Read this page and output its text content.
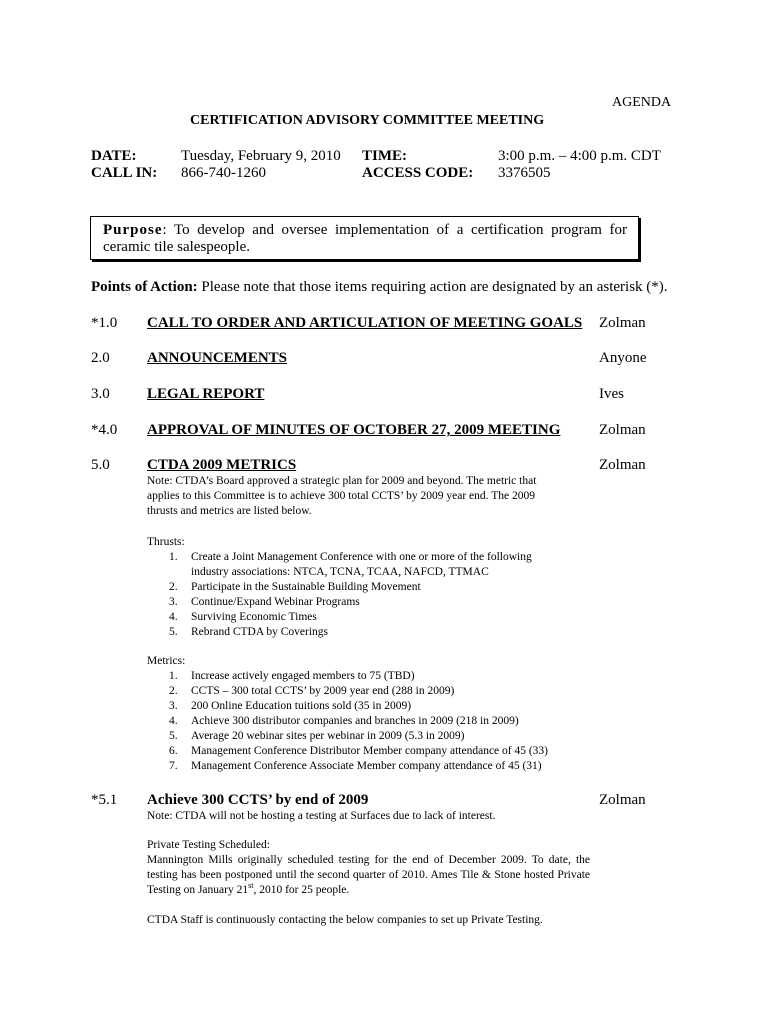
AGENDA
CERTIFICATION ADVISORY COMMITTEE MEETING
DATE:	Tuesday, February 9, 2010 TIME:	3:00 p.m. – 4:00 p.m. CDT
CALL IN: 866-740-1260	ACCESS CODE: 3376505
Purpose: To develop and oversee implementation of a certification program for ceramic tile salespeople.
Points of Action: Please note that those items requiring action are designated by an asterisk (*).
*1.0 CALL TO ORDER AND ARTICULATION OF MEETING GOALS Zolman
2.0 ANNOUNCEMENTS	Anyone
3.0 LEGAL REPORT	Ives
*4.0 APPROVAL OF MINUTES OF OCTOBER 27, 2009 MEETING	Zolman
5.0 CTDA 2009 METRICS	Zolman
Note: CTDA’s Board approved a strategic plan for 2009 and beyond. The metric that
applies to this Committee is to achieve 300 total CCTS’ by 2009 year end. The 2009
thrusts and metrics are listed below.
Thrusts:
1. Create a Joint Management Conference with one or more of the following
industry associations: NTCA, TCNA, TCAA, NAFCD, TTMAC
2. Participate in the Sustainable Building Movement
3. Continue/Expand Webinar Programs
4. Surviving Economic Times
5. Rebrand CTDA by Coverings
Metrics:
1. Increase actively engaged members to 75 (TBD)
2. CCTS – 300 total CCTS’ by 2009 year end (288 in 2009)
3. 200 Online Education tuitions sold (35 in 2009)
4. Achieve 300 distributor companies and branches in 2009 (218 in 2009)
5. Average 20 webinar sites per webinar in 2009 (5.3 in 2009)
6. Management Conference Distributor Member company attendance of 45 (33)
7. Management Conference Associate Member company attendance of 45 (31)
*5.1 Achieve 300 CCTS’ by end of 2009	Zolman
Note: CTDA will not be hosting a testing at Surfaces due to lack of interest.
Private Testing Scheduled:
Mannington Mills originally scheduled testing for the end of December 2009. To date, the testing has been postponed until the second quarter of 2010. Ames Tile & Stone hosted Private Testing on January 21st, 2010 for 25 people.
CTDA Staff is continuously contacting the below companies to set up Private Testing.
